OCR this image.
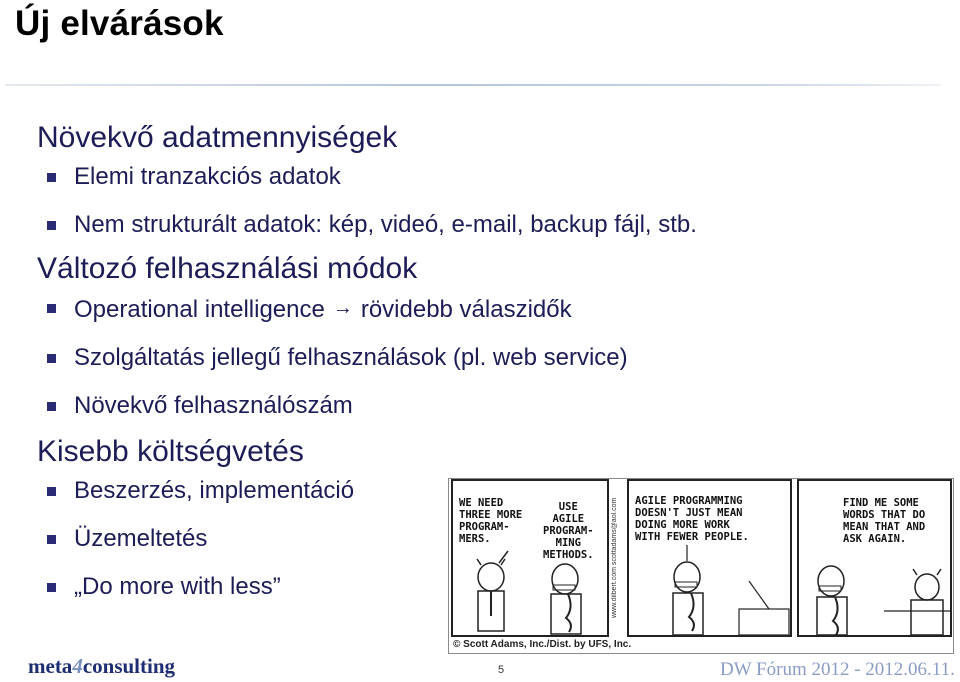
Új elvárások
Növekvő adatmennyiségek
Elemi tranzakciós adatok
Nem strukturált adatok: kép, videó, e-mail, backup fájl, stb.
Változó felhasználási módok
Operational intelligence → rövidebb válaszidők
Szolgáltatás jellegű felhasználások (pl. web service)
Növekvő felhasználószám
Kisebb költségvetés
Beszerzés, implementáció
Üzemeltetés
„Do more with less”
WE NEED
THREE MORE
PROGRAM-
MERS.
USE
AGILE
PROGRAM-
MING
METHODS. www.dilbert.com scottadams@aol.com	AGILE PROGRAMMING
DOESN'T JUST MEAN
DOING MORE WORK
WITH FEWER PEOPLE.
FIND ME SOME
WORDS THAT DO
MEAN THAT AND
ASK AGAIN.
© Scott Adams, Inc./Dist. by UFS, Inc.
meta4consulting	5	DW Fórum 2012 - 2012.06.11.
